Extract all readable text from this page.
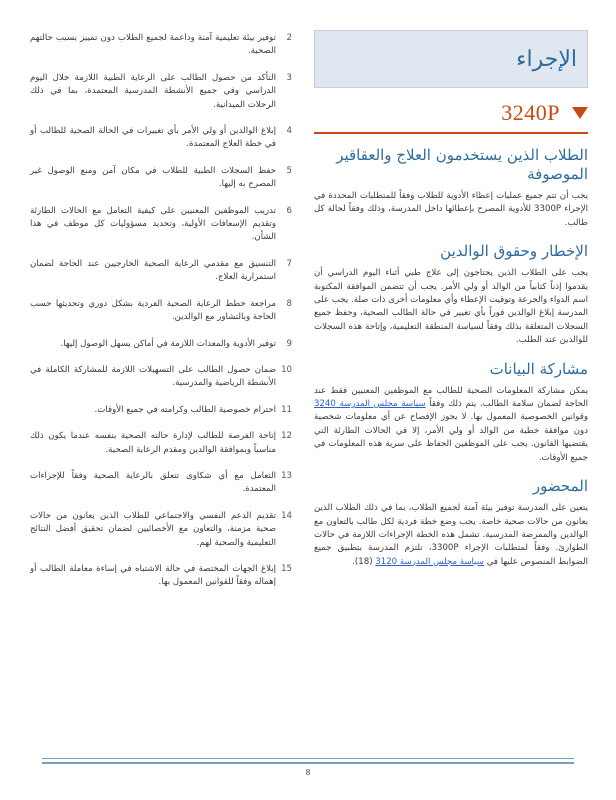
الإجراء
3240P
الطلاب الذين يستخدمون العلاج والعقاقير الموصوفة

يجب أن تتم جميع عمليات إعطاء الأدوية للطلاب وفقاً للمتطلبات المحددة في الإجراء 3300P للأدوية المصرح بإعطائها داخل المدرسة، وذلك وفقاً لحالة كل طالب.

الإخطار وحقوق الوالدين

يجب على الطلاب الذين يحتاجون إلى علاج طبي أثناء اليوم الدراسي أن يقدموا إذناً كتابياً من الوالد أو ولي الأمر. يجب أن تتضمن الموافقة المكتوبة اسم الدواء والجرعة وتوقيت الإعطاء وأي معلومات أخرى ذات صلة. يجب على المدرسة إبلاغ الوالدين فوراً بأي تغيير في حالة الطالب الصحية، وحفظ جميع السجلات المتعلقة بذلك وفقاً لسياسة المنطقة التعليمية، وإتاحة هذه السجلات للوالدين عند الطلب.

مشاركة البيانات

يمكن مشاركة المعلومات الصحية للطالب مع الموظفين المعنيين فقط عند الحاجة لضمان سلامة الطالب. يتم ذلك وفقاً سياسة مجلس المدرسة 3240 وقوانين الخصوصية المعمول بها. لا يجوز الإفصاح عن أي معلومات شخصية دون موافقة خطية من الوالد أو ولي الأمر، إلا في الحالات الطارئة التي يقتضيها القانون. يجب على الموظفين الحفاظ على سرية هذه المعلومات في جميع الأوقات.

المحضور

يتعين على المدرسة توفير بيئة آمنة لجميع الطلاب، بما في ذلك الطلاب الذين يعانون من حالات صحية خاصة. يجب وضع خطة فردية لكل طالب بالتعاون مع الوالدين والممرضة المدرسية. تشمل هذه الخطة الإجراءات اللازمة في حالات الطوارئ. وفقاً لمتطلبات الإجراء 3300P، تلتزم المدرسة بتطبيق جميع الضوابط المنصوص عليها في سياسة مجلس المدرسة 3120 (18).

2
توفير بيئة تعليمية آمنة وداعمة لجميع الطلاب دون تمييز بسبب حالتهم الصحية.
3
التأكد من حصول الطالب على الرعاية الطبية اللازمة خلال اليوم الدراسي وفي جميع الأنشطة المدرسية المعتمدة، بما في ذلك الرحلات الميدانية.
4
إبلاغ الوالدين أو ولي الأمر بأي تغييرات في الحالة الصحية للطالب أو في خطة العلاج المعتمدة.
5
حفظ السجلات الطبية للطلاب في مكان آمن ومنع الوصول غير المصرح به إليها.
6
تدريب الموظفين المعنيين على كيفية التعامل مع الحالات الطارئة وتقديم الإسعافات الأولية، وتحديد مسؤوليات كل موظف في هذا الشأن.
7
التنسيق مع مقدمي الرعاية الصحية الخارجيين عند الحاجة لضمان استمرارية العلاج.
8
مراجعة خطط الرعاية الصحية الفردية بشكل دوري وتحديثها حسب الحاجة وبالتشاور مع الوالدين.
9
توفير الأدوية والمعدات اللازمة في أماكن يسهل الوصول إليها.
10
ضمان حصول الطالب على التسهيلات اللازمة للمشاركة الكاملة في الأنشطة الرياضية والمدرسية.
11
احترام خصوصية الطالب وكرامته في جميع الأوقات.
12
إتاحة الفرصة للطالب لإدارة حالته الصحية بنفسه عندما يكون ذلك مناسباً وبموافقة الوالدين ومقدم الرعاية الصحية.
13
التعامل مع أي شكاوى تتعلق بالرعاية الصحية وفقاً للإجراءات المعتمدة.
14
تقديم الدعم النفسي والاجتماعي للطلاب الذين يعانون من حالات صحية مزمنة، والتعاون مع الأخصائيين لضمان تحقيق أفضل النتائج التعليمية والصحية لهم.
15
إبلاغ الجهات المختصة في حالة الاشتباه في إساءة معاملة الطالب أو إهماله وفقاً للقوانين المعمول بها.
8
